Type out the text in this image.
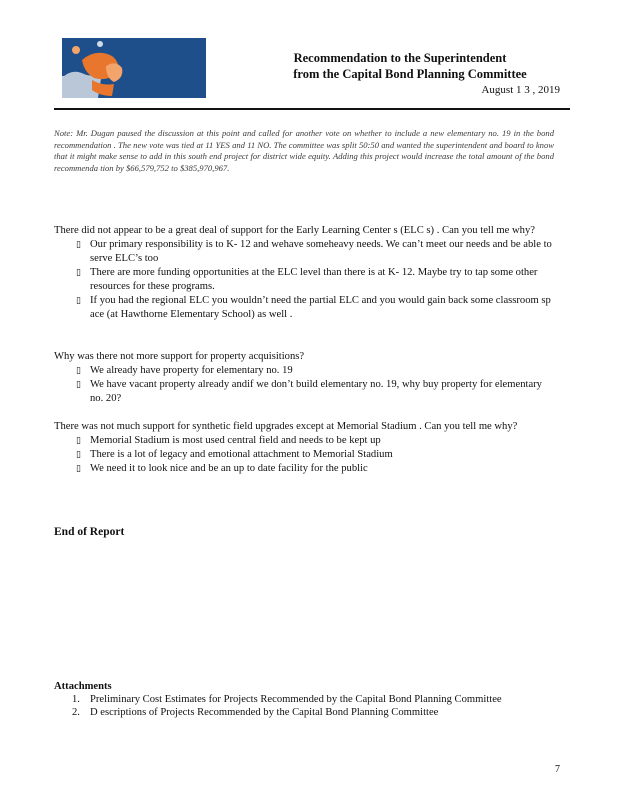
Recommendation to the Superintendent
from the Capital Bond Planning Committee
August 1 3 , 2019
Note: Mr. Dugan paused the discussion at this point and called for another vote on whether to include a new elementary no. 19 in the bond recommendation . The new vote was tied at 11 YES and 11 NO. The committee was split 50:50 and wanted the superintendent and board to know that it might make sense to add in this south end project for district wide equity. Adding this project would increase the total amount of the bond recommenda tion by $66,579,752 to $385,970,967.
There did not appear to be a great deal of support for the Early Learning Center s (ELC s) . Can you tell me why?
▯ Our primary responsibility is to K- 12 and wehave someheavy needs. We can’t meet our needs and be able to serve ELC’s too
▯ There are more funding opportunities at the ELC level than there is at K- 12. Maybe try to tap some other resources for these programs.
▯ If you had the regional ELC you wouldn’t need the partial ELC and you would gain back some classroom sp ace (at Hawthorne Elementary School) as well .
Why was there not more support for property acquisitions?
▯ We already have property for elementary no. 19
▯ We have vacant property already andif we don’t build elementary no. 19, why buy property for elementary no. 20?
There was not much support for synthetic field upgrades except at Memorial Stadium . Can you tell me why?
▯ Memorial Stadium is most used central field and needs to be kept up
▯ There is a lot of legacy and emotional attachment to Memorial Stadium
▯ We need it to look nice and be an up to date facility for the public
End of Report
Attachments
1. Preliminary Cost Estimates for Projects Recommended by the Capital Bond Planning Committee
2. D escriptions of Projects Recommended by the Capital Bond Planning Committee
7
